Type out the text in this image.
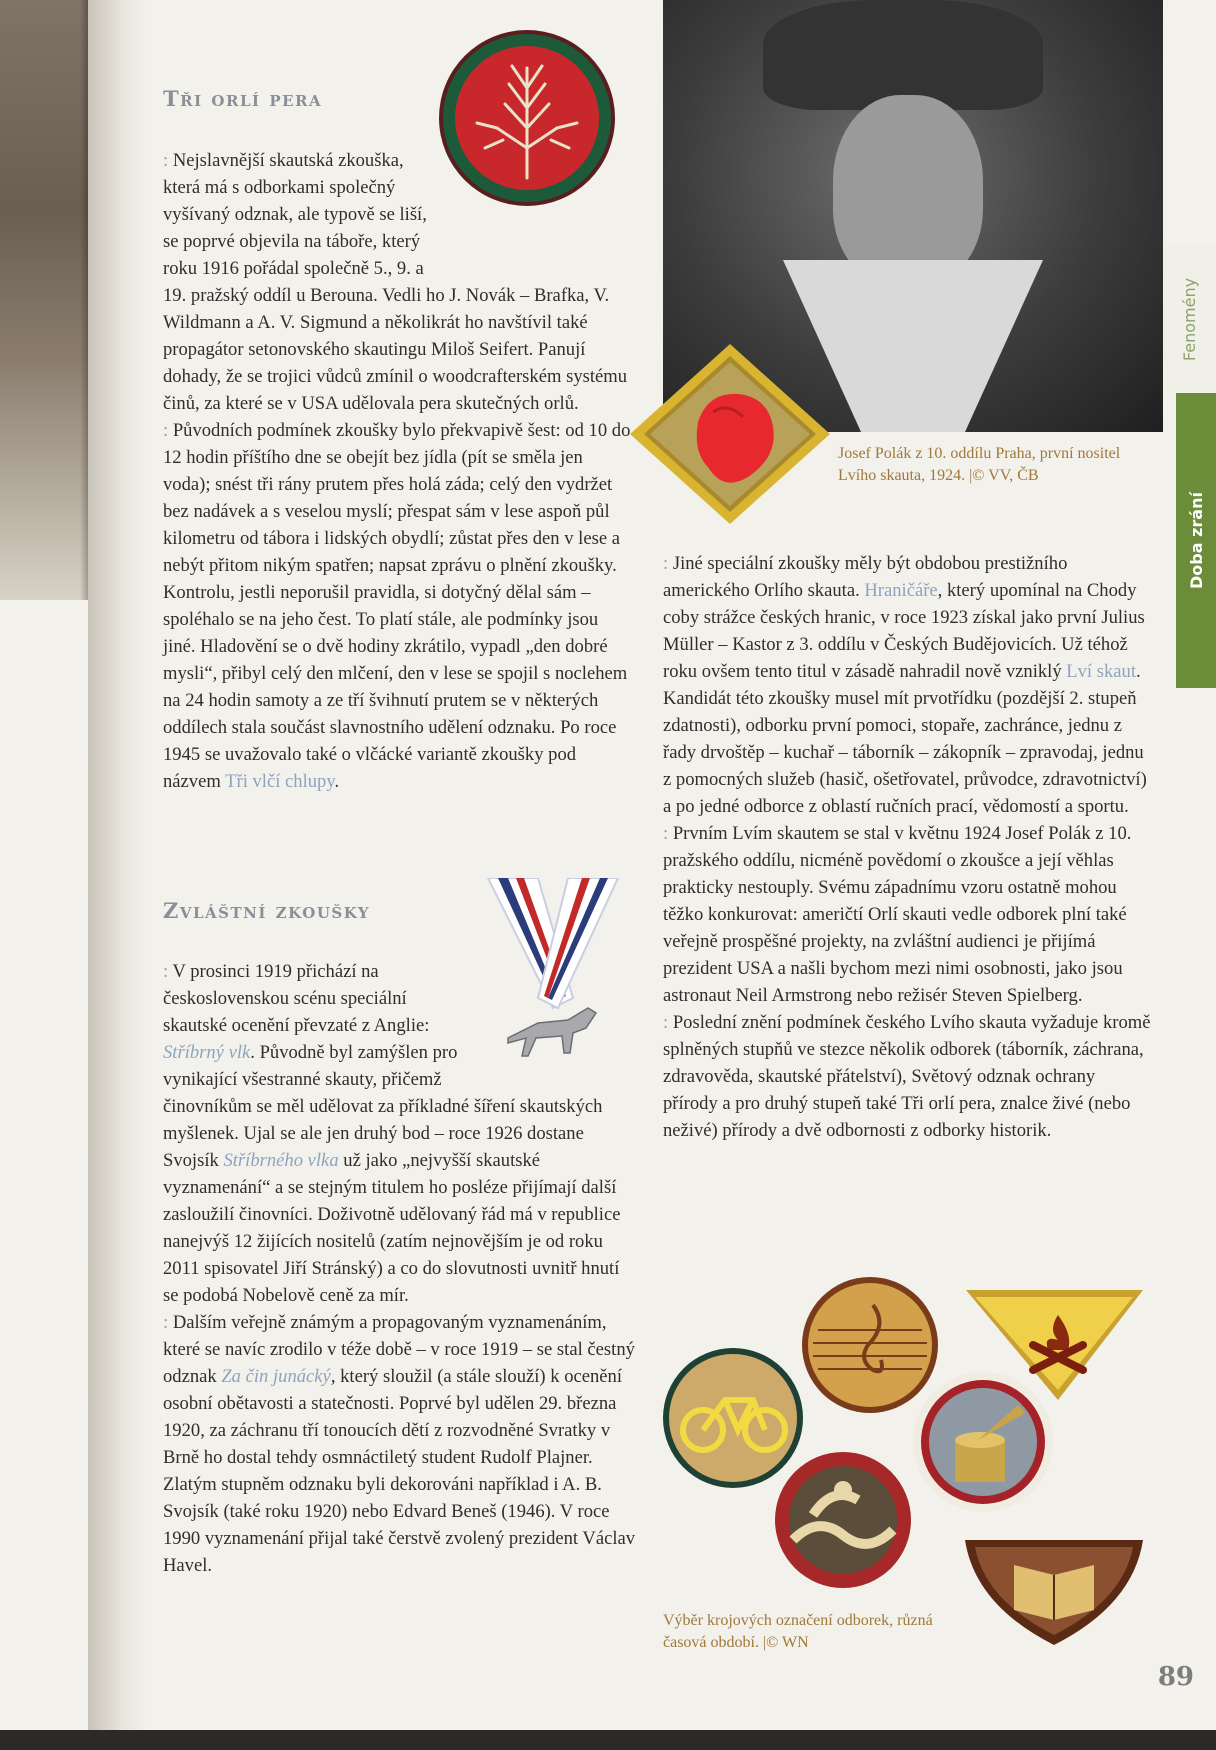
Tři orlí pera

: Nejslavnější skautská zkouška, která má s odborkami společný vyšívaný odznak, ale typově se liší, se poprvé objevila na táboře, který roku 1916 pořádal společně 5., 9. a 19. pražský oddíl u Berouna. Vedli ho J. Novák – Brafka, V. Wildmann a A. V. Sigmund a několikrát ho navštívil také propagátor setonovského skautingu Miloš Seifert. Panují dohady, že se trojici vůdců zmínil o woodcrafterském systému činů, za které se v USA udělovala pera skutečných orlů.

: Původních podmínek zkoušky bylo překvapivě šest: od 10 do 12 hodin příštího dne se obejít bez jídla (pít se směla jen voda); snést tři rány prutem přes holá záda; celý den vydržet bez nadávek a s veselou myslí; přespat sám v lese aspoň půl kilometru od tábora i lidských obydlí; zůstat přes den v lese a nebýt přitom nikým spatřen; napsat zprávu o plnění zkoušky. Kontrolu, jestli neporušil pravidla, si dotyčný dělal sám – spoléhalo se na jeho čest. To platí stále, ale podmínky jsou jiné. Hladovění se o dvě hodiny zkrátilo, vypadl „den dobré mysli“, přibyl celý den mlčení, den v lese se spojil s noclehem na 24 hodin samoty a ze tří švihnutí prutem se v některých oddílech stala součást slavnostního udělení odznaku. Po roce 1945 se uvažovalo také o vlčácké variantě zkoušky pod názvem Tři vlčí chlupy.

Zvláštní zkoušky

: V prosinci 1919 přichází na československou scénu speciální skautské ocenění převzaté z Anglie: Stříbrný vlk. Původně byl zamýšlen pro vynikající všestranné skauty, přičemž činovníkům se měl udělovat za příkladné šíření skautských myšlenek. Ujal se ale jen druhý bod – roce 1926 dostane Svojsík Stříbrného vlka už jako „nejvyšší skautské vyznamenání“ a se stejným titulem ho posléze přijímají další zasloužilí činovníci. Doživotně udělovaný řád má v republice nanejvýš 12 žijících nositelů (zatím nejnovějším je od roku 2011 spisovatel Jiří Stránský) a co do slovutnosti uvnitř hnutí se podobá Nobelově ceně za mír.

: Dalším veřejně známým a propagovaným vyznamenáním, které se navíc zrodilo v téže době – v roce 1919 – se stal čestný odznak Za čin junácký, který sloužil (a stále slouží) k ocenění osobní obětavosti a statečnosti. Poprvé byl udělen 29. března 1920, za záchranu tří tonoucích dětí z rozvodněné Svratky v Brně ho dostal tehdy osmnáctiletý student Rudolf Plajner. Zlatým stupněm odznaku byli dekorováni například i A. B. Svojsík (také roku 1920) nebo Edvard Beneš (1946). V roce 1990 vyznamenání přijal také čerstvě zvolený prezident Václav Havel.

Josef Polák z 10. oddílu Praha, první nositel Lvího skauta, 1924. |© VV, ČB

: Jiné speciální zkoušky měly být obdobou prestižního amerického Orlího skauta. Hraničáře, který upomínal na Chody coby strážce českých hranic, v roce 1923 získal jako první Julius Müller – Kastor z 3. oddílu v Českých Budějovicích. Už téhož roku ovšem tento titul v zásadě nahradil nově vzniklý Lví skaut. Kandidát této zkoušky musel mít prvotřídku (pozdější 2. stupeň zdatnosti), odborku první pomoci, stopaře, zachránce, jednu z řady drvoštěp – kuchař – táborník – zákopník – zpravodaj, jednu z pomocných služeb (hasič, ošetřovatel, průvodce, zdravotnictví) a po jedné odborce z oblastí ručních prací, vědomostí a sportu.

: Prvním Lvím skautem se stal v květnu 1924 Josef Polák z 10. pražského oddílu, nicméně povědomí o zkoušce a její věhlas prakticky nestouply. Svému západnímu vzoru ostatně mohou těžko konkurovat: američtí Orlí skauti vedle odborek plní také veřejně prospěšné projekty, na zvláštní audienci je přijímá prezident USA a našli bychom mezi nimi osobnosti, jako jsou astronaut Neil Armstrong nebo režisér Steven Spielberg.

: Poslední znění podmínek českého Lvího skauta vyžaduje kromě splněných stupňů ve stezce několik odborek (táborník, záchrana, zdravověda, skautské přátelství), Světový odznak ochrany přírody a pro druhý stupeň také Tři orlí pera, znalce živé (nebo neživé) přírody a dvě odbornosti z odborky historik.

Výběr krojových označení odborek, různá časová období. |© WN

Fenomény
Doba zrání

89
